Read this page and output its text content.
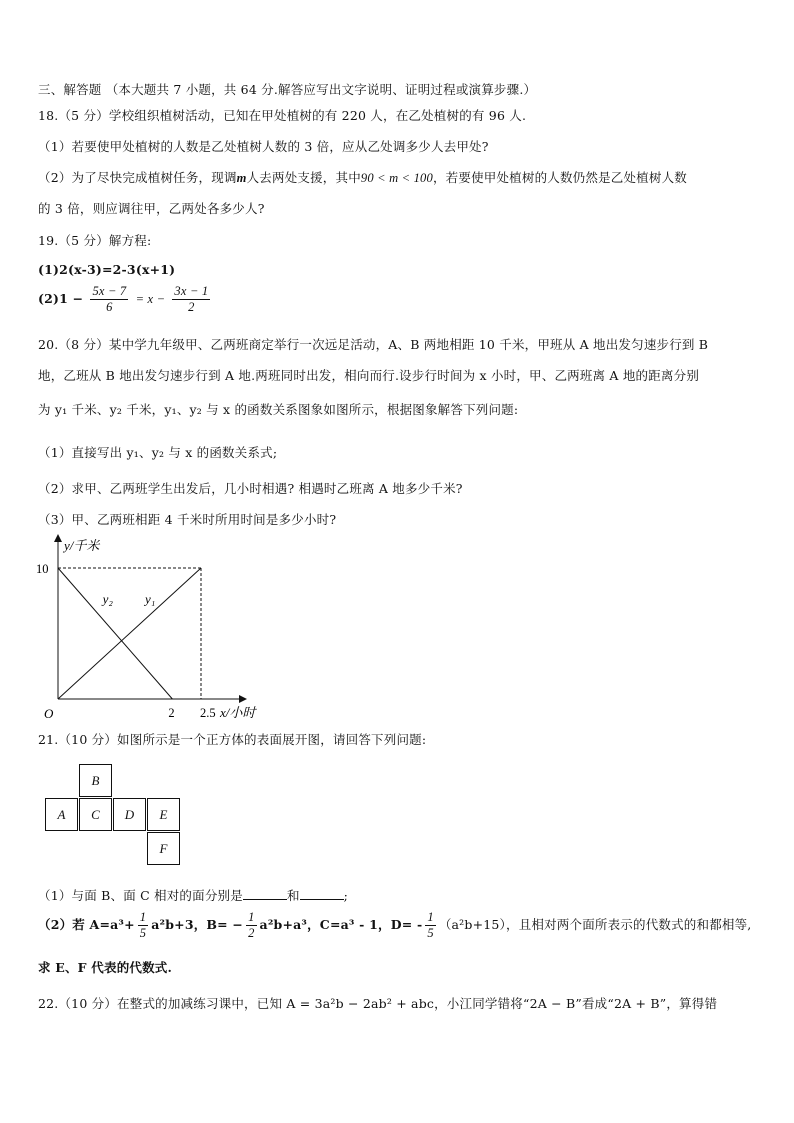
三、解答题 （本大题共 7 小题，共 64 分.解答应写出文字说明、证明过程或演算步骤.）
18.（5 分）学校组织植树活动，已知在甲处植树的有 220 人，在乙处植树的有 96 人.
（1）若要使甲处植树的人数是乙处植树人数的 3 倍，应从乙处调多少人去甲处?
（2）为了尽快完成植树任务，现调m人去两处支援，其中90 < m < 100，若要使甲处植树的人数仍然是乙处植树人数
的 3 倍，则应调往甲，乙两处各多少人?
19.（5 分）解方程:
(1)2(x-3)=2-3(x+1)
$(2)1 - \frac{5x - 7}{6} = x - \frac{3x - 1}{2}$
20.（8 分）某中学九年级甲、乙两班商定举行一次远足活动，A、B 两地相距 10 千米，甲班从 A 地出发匀速步行到 B
地，乙班从 B 地出发匀速步行到 A 地.两班同时出发，相向而行.设步行时间为 x 小时，甲、乙两班离 A 地的距离分别
为 y₁ 千米、y₂ 千米，y₁、y₂ 与 x 的函数关系图象如图所示，根据图象解答下列问题:
（1）直接写出 y₁、y₂ 与 x 的函数关系式;
（2）求甲、乙两班学生出发后，几小时相遇? 相遇时乙班离 A 地多少千米?
（3）甲、乙两班相距 4 千米时所用时间是多少小时?
y/千米
x/小时
O
y₁
y₂
2 2.5
10
21.（10 分）如图所示是一个正方体的表面展开图，请回答下列问题:
B
A	C	D	E
F
（1）与面 B、面 C 相对的面分别是	和	;
（2）若 $A=a^3+ \frac{1}{5} a^2b+3$，$B= - \frac{1}{2} a^2b+a^3$，C=a³ - 1，$D= - \frac{1}{5} (a^2b+15)$，且相对两个面所表示的代数式的和都相等,
求 E、F 代表的代数式.
22.（10 分）在整式的加减练习课中，已知 A = 3a²b − 2ab² + abc，小江同学错将“2A − B”看成“2A + B”，算得错
